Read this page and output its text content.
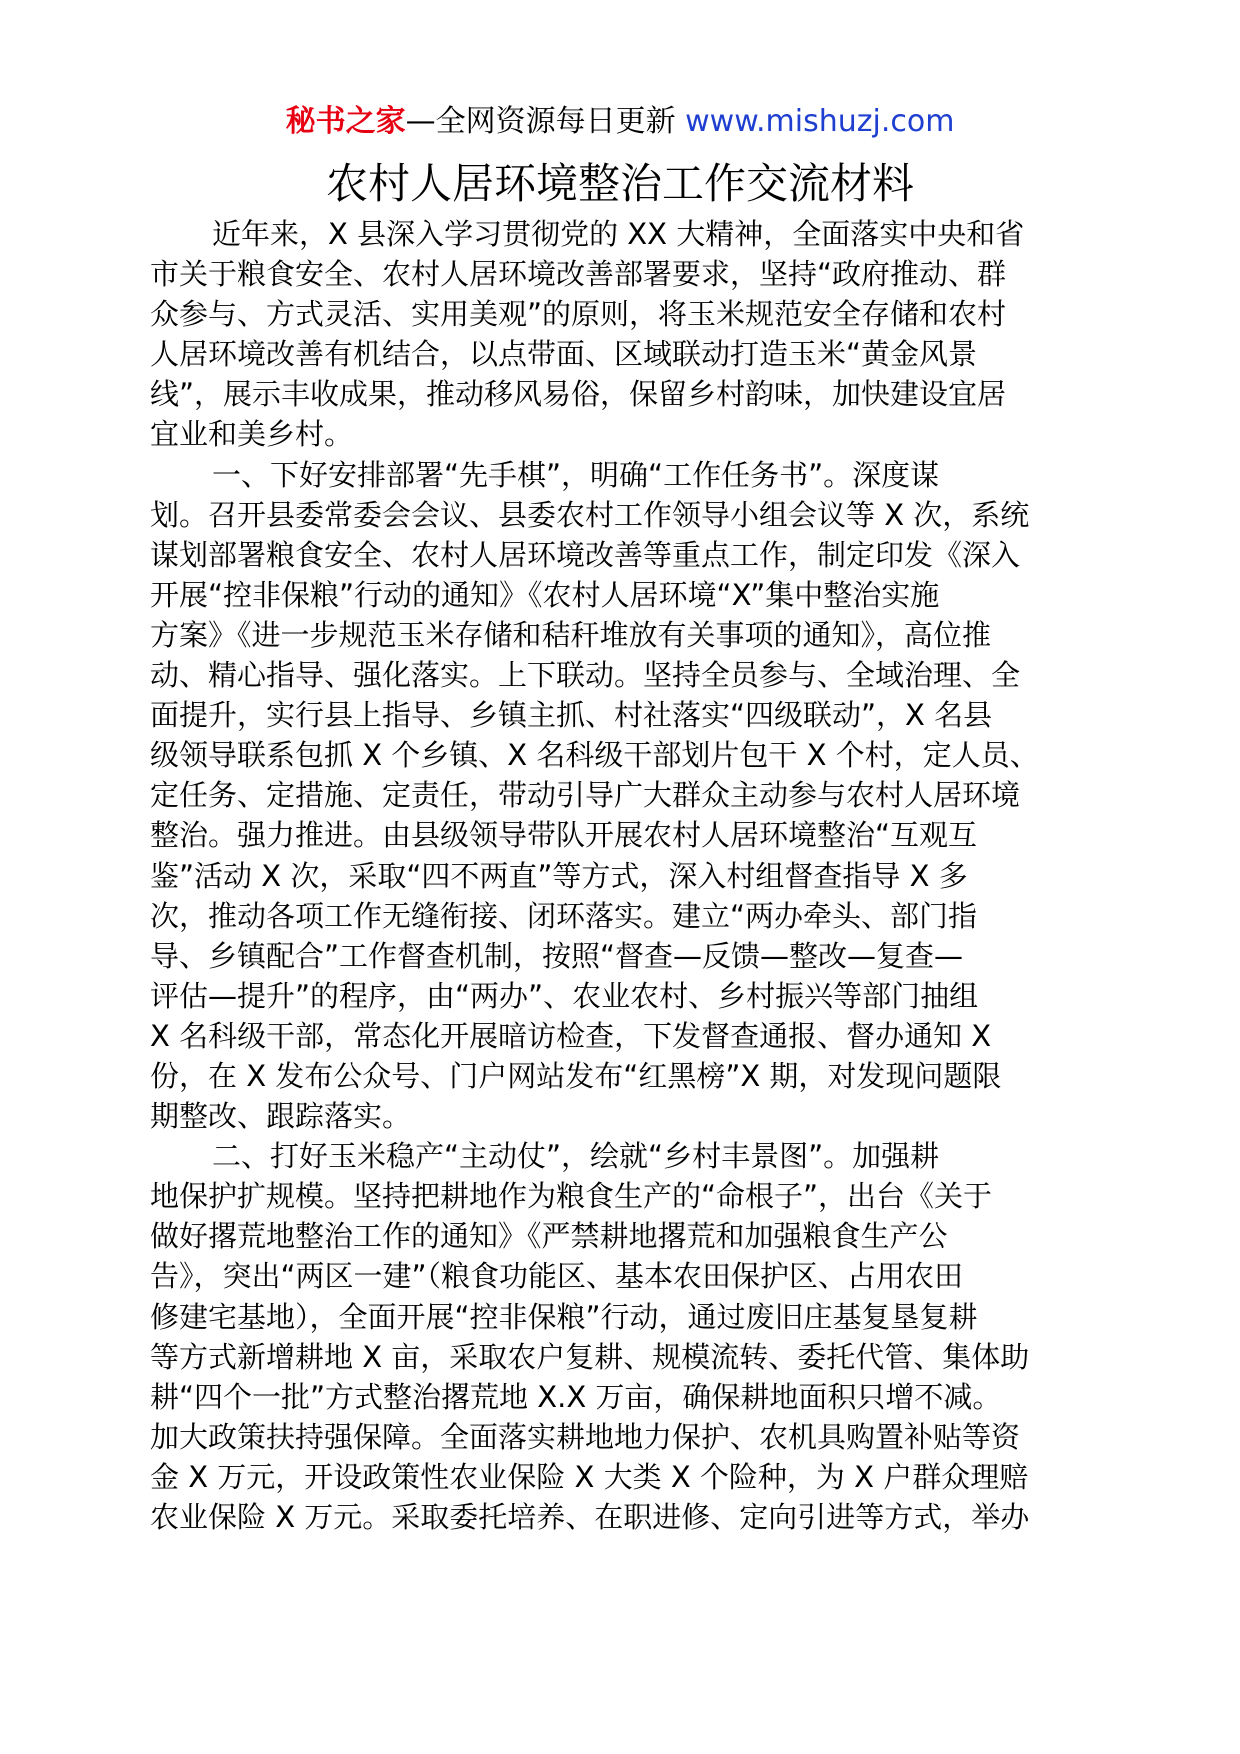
秘书之家—全网资源每日更新 www.mishuzj.com
农村人居环境整治工作交流材料

近年来，X 县深入学习贯彻党的 XX 大精神，全面落实中央和省
市关于粮食安全、农村人居环境改善部署要求，坚持“政府推动、群
众参与、方式灵活、实用美观”的原则，将玉米规范安全存储和农村
人居环境改善有机结合，以点带面、区域联动打造玉米“黄金风景
线”，展示丰收成果，推动移风易俗，保留乡村韵味，加快建设宜居
宜业和美乡村。

一、下好安排部署“先手棋”，明确“工作任务书”。深度谋
划。召开县委常委会会议、县委农村工作领导小组会议等 X 次，系统
谋划部署粮食安全、农村人居环境改善等重点工作，制定印发《深入
开展“控非保粮”行动的通知》《农村人居环境“X”集中整治实施
方案》《进一步规范玉米存储和秸秆堆放有关事项的通知》，高位推
动、精心指导、强化落实。上下联动。坚持全员参与、全域治理、全
面提升，实行县上指导、乡镇主抓、村社落实“四级联动”，X 名县
级领导联系包抓 X 个乡镇、X 名科级干部划片包干 X 个村，定人员、
定任务、定措施、定责任，带动引导广大群众主动参与农村人居环境
整治。强力推进。由县级领导带队开展农村人居环境整治“互观互
鉴”活动 X 次，采取“四不两直”等方式，深入村组督查指导 X 多
次，推动各项工作无缝衔接、闭环落实。建立“两办牵头、部门指
导、乡镇配合”工作督查机制，按照“督查—反馈—整改—复查—
评估—提升”的程序，由“两办”、农业农村、乡村振兴等部门抽组
X 名科级干部，常态化开展暗访检查，下发督查通报、督办通知 X
份，在 X 发布公众号、门户网站发布“红黑榜”X 期，对发现问题限
期整改、跟踪落实。

二、打好玉米稳产“主动仗”，绘就“乡村丰景图”。加强耕
地保护扩规模。坚持把耕地作为粮食生产的“命根子”，出台《关于
做好撂荒地整治工作的通知》《严禁耕地撂荒和加强粮食生产公
告》，突出“两区一建”（粮食功能区、基本农田保护区、占用农田
修建宅基地），全面开展“控非保粮”行动，通过废旧庄基复垦复耕
等方式新增耕地 X 亩，采取农户复耕、规模流转、委托代管、集体助
耕“四个一批”方式整治撂荒地 X.X 万亩，确保耕地面积只增不减。
加大政策扶持强保障。全面落实耕地地力保护、农机具购置补贴等资
金 X 万元，开设政策性农业保险 X 大类 X 个险种，为 X 户群众理赔
农业保险 X 万元。采取委托培养、在职进修、定向引进等方式，举办
